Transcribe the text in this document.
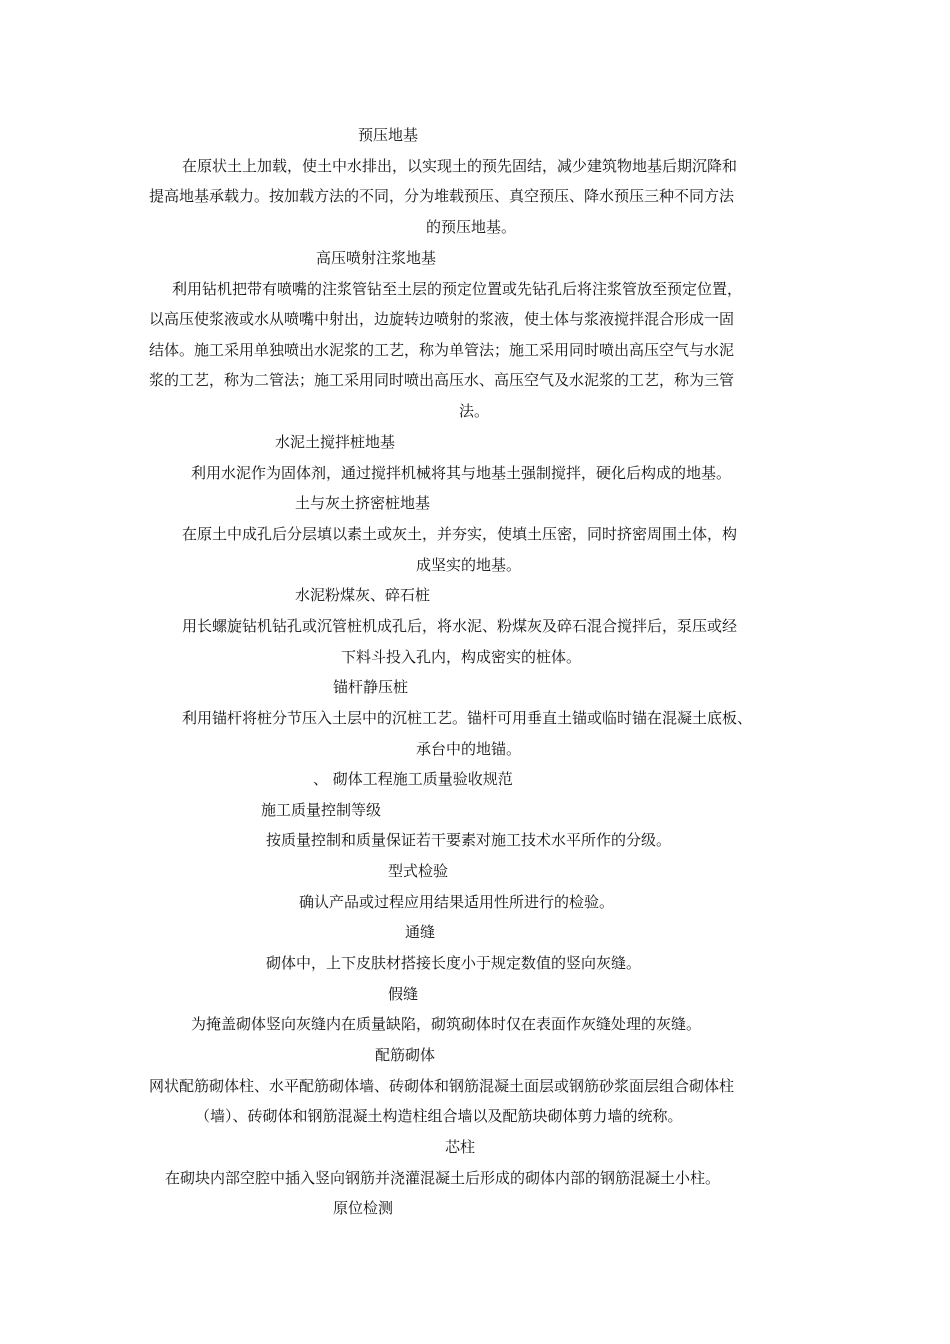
预压地基
在原状土上加载，使土中水排出，以实现土的预先固结，减少建筑物地基后期沉降和
提高地基承载力。按加载方法的不同，分为堆载预压、真空预压、降水预压三种不同方法
的预压地基。
高压喷射注浆地基
利用钻机把带有喷嘴的注浆管钻至土层的预定位置或先钻孔后将注浆管放至预定位置，
以高压使浆液或水从喷嘴中射出，边旋转边喷射的浆液，使土体与浆液搅拌混合形成一固
结体。施工采用单独喷出水泥浆的工艺，称为单管法；施工采用同时喷出高压空气与水泥
浆的工艺，称为二管法；施工采用同时喷出高压水、高压空气及水泥浆的工艺，称为三管
法。
水泥土搅拌桩地基
利用水泥作为固体剂，通过搅拌机械将其与地基土强制搅拌，硬化后构成的地基。
土与灰土挤密桩地基
在原土中成孔后分层填以素土或灰土，并夯实，使填土压密，同时挤密周围土体，构
成坚实的地基。
水泥粉煤灰、碎石桩
用长螺旋钻机钻孔或沉管桩机成孔后，将水泥、粉煤灰及碎石混合搅拌后，泵压或经
下料斗投入孔内，构成密实的桩体。
锚杆静压桩
利用锚杆将桩分节压入土层中的沉桩工艺。锚杆可用垂直土锚或临时锚在混凝土底板、
承台中的地锚。
、 砌体工程施工质量验收规范
施工质量控制等级
按质量控制和质量保证若干要素对施工技术水平所作的分级。
型式检验
确认产品或过程应用结果适用性所进行的检验。
通缝
砌体中，上下皮肤材搭接长度小于规定数值的竖向灰缝。
假缝
为掩盖砌体竖向灰缝内在质量缺陷，砌筑砌体时仅在表面作灰缝处理的灰缝。
配筋砌体
网状配筋砌体柱、水平配筋砌体墙、砖砌体和钢筋混凝土面层或钢筋砂浆面层组合砌体柱
（墙）、砖砌体和钢筋混凝土构造柱组合墙以及配筋块砌体剪力墙的统称。
芯柱
在砌块内部空腔中插入竖向钢筋并浇灌混凝土后形成的砌体内部的钢筋混凝土小柱。
原位检测
